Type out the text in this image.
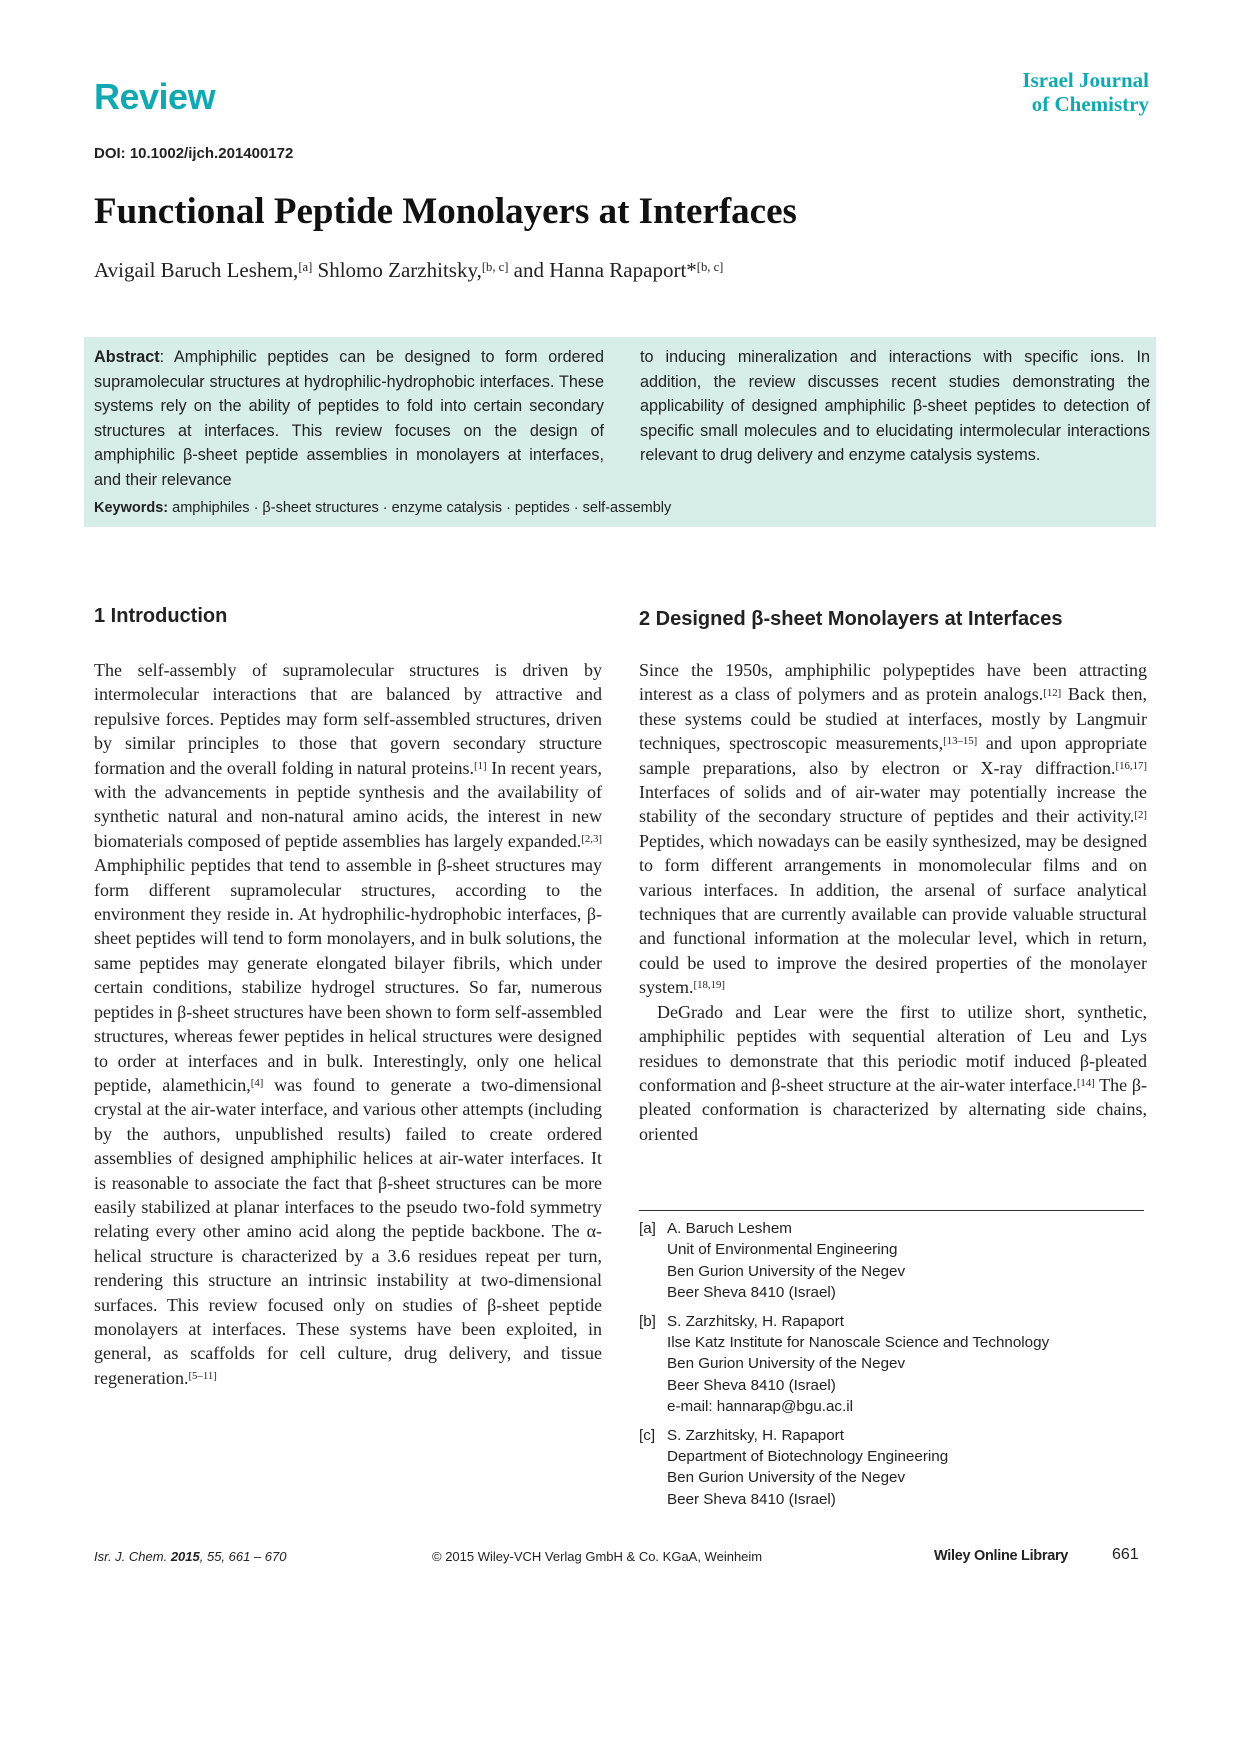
Review	Israel Journal
of Chemistry
DOI: 10.1002/ijch.201400172
Functional Peptide Monolayers at Interfaces
Avigail Baruch Leshem,[a] Shlomo Zarzhitsky,[b, c] and Hanna Rapaport*[b, c]
Abstract: Amphiphilic peptides can be designed to form ordered supramolecular structures at hydrophilic-hydrophobic interfaces. These systems rely on the ability of peptides to fold into certain secondary structures at interfaces. This review focuses on the design of amphiphilic β-sheet peptide assemblies in monolayers at interfaces, and their relevance
to inducing mineralization and interactions with specific ions. In addition, the review discusses recent studies demonstrating the applicability of designed amphiphilic β-sheet peptides to detection of specific small molecules and to elucidating intermolecular interactions relevant to drug delivery and enzyme catalysis systems.
Keywords: amphiphiles · β-sheet structures · enzyme catalysis · peptides · self-assembly
1 Introduction

The self-assembly of supramolecular structures is driven by intermolecular interactions that are balanced by attractive and repulsive forces. Peptides may form self-assembled structures, driven by similar principles to those that govern secondary structure formation and the overall folding in natural proteins.[1] In recent years, with the advancements in peptide synthesis and the availability of synthetic natural and non-natural amino acids, the interest in new biomaterials composed of peptide assemblies has largely expanded.[2,3] Amphiphilic peptides that tend to assemble in β-sheet structures may form different supramolecular structures, according to the environment they reside in. At hydrophilic-hydrophobic interfaces, β-sheet peptides will tend to form monolayers, and in bulk solutions, the same peptides may generate elongated bilayer fibrils, which under certain conditions, stabilize hydrogel structures. So far, numerous peptides in β-sheet structures have been shown to form self-assembled structures, whereas fewer peptides in helical structures were designed to order at interfaces and in bulk. Interestingly, only one helical peptide, alamethicin,[4] was found to generate a two-dimensional crystal at the air-water interface, and various other attempts (including by the authors, unpublished results) failed to create ordered assemblies of designed amphiphilic helices at air-water interfaces. It is reasonable to associate the fact that β-sheet structures can be more easily stabilized at planar interfaces to the pseudo two-fold symmetry relating every other amino acid along the peptide backbone. The α-helical structure is characterized by a 3.6 residues repeat per turn, rendering this structure an intrinsic instability at two-dimensional surfaces. This review focused only on studies of β-sheet peptide monolayers at interfaces. These systems have been exploited, in general, as scaffolds for cell culture, drug delivery, and tissue regeneration.[5–11]

2 Designed β-sheet Monolayers at Interfaces

Since the 1950s, amphiphilic polypeptides have been attracting interest as a class of polymers and as protein analogs.[12] Back then, these systems could be studied at interfaces, mostly by Langmuir techniques, spectroscopic measurements,[13–15] and upon appropriate sample preparations, also by electron or X-ray diffraction.[16,17] Interfaces of solids and of air-water may potentially increase the stability of the secondary structure of peptides and their activity.[2] Peptides, which nowadays can be easily synthesized, may be designed to form different arrangements in monomolecular films and on various interfaces. In addition, the arsenal of surface analytical techniques that are currently available can provide valuable structural and functional information at the molecular level, which in return, could be used to improve the desired properties of the monolayer system.[18,19]

DeGrado and Lear were the first to utilize short, synthetic, amphiphilic peptides with sequential alteration of Leu and Lys residues to demonstrate that this periodic motif induced β-pleated conformation and β-sheet structure at the air-water interface.[14] The β-pleated conformation is characterized by alternating side chains, oriented

[a] A. Baruch Leshem
Unit of Environmental Engineering
Ben Gurion University of the Negev
Beer Sheva 8410 (Israel)
[b] S. Zarzhitsky, H. Rapaport
Ilse Katz Institute for Nanoscale Science and Technology
Ben Gurion University of the Negev
Beer Sheva 8410 (Israel)
e-mail: hannarap@bgu.ac.il
[c] S. Zarzhitsky, H. Rapaport
Department of Biotechnology Engineering
Ben Gurion University of the Negev
Beer Sheva 8410 (Israel)
Isr. J. Chem. 2015, 55, 661 – 670	© 2015 Wiley-VCH Verlag GmbH & Co. KGaA, Weinheim	Wiley Online Library	661
